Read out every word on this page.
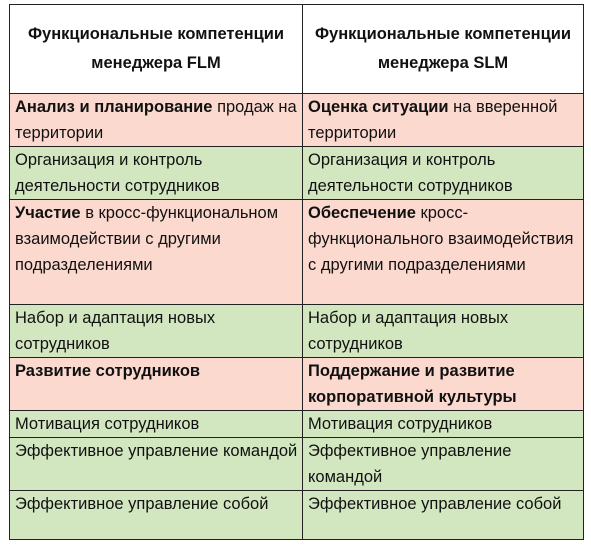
Функциональные компетенции менеджера FLM	Функциональные компетенции менеджера SLM
Анализ и планирование продаж на территории	Оценка ситуации на вверенной территории
Организация и контроль деятельности сотрудников	Организация и контроль деятельности сотрудников
Участие в кросс-функциональном взаимодействии с другими подразделениями	Обеспечение кросс-функционального взаимодействия с другими подразделениями
Набор и адаптация новых сотрудников	Набор и адаптация новых сотрудников
Развитие сотрудников	Поддержание и развитие корпоративной культуры
Мотивация сотрудников	Мотивация сотрудников
Эффективное управление командой	Эффективное управление командой
Эффективное управление собой	Эффективное управление собой
